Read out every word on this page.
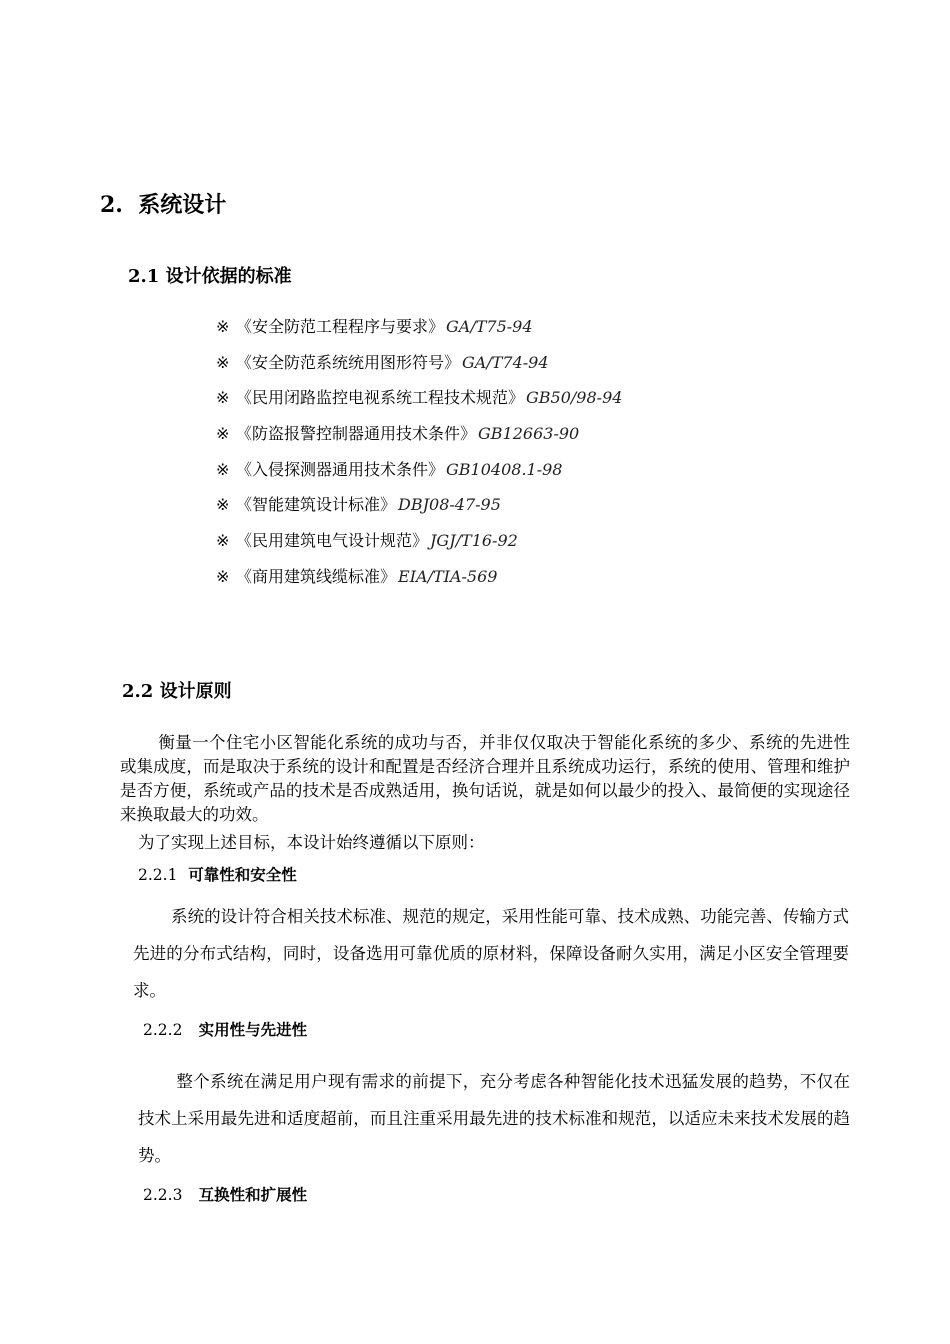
2. 系统设计
2.1 设计依据的标准
※ 《安全防范工程程序与要求》 GA/T75-94
※ 《安全防范系统统用图形符号》 GA/T74-94
※ 《民用闭路监控电视系统工程技术规范》 GB50/98-94
※ 《防盗报警控制器通用技术条件》 GB12663-90
※ 《入侵探测器通用技术条件》 GB10408.1-98
※ 《智能建筑设计标准》 DBJ08-47-95
※ 《民用建筑电气设计规范》 JGJ/T16-92
※ 《商用建筑线缆标准》 EIA/TIA-569
2.2 设计原则

衡量一个住宅小区智能化系统的成功与否，并非仅仅取决于智能化系统的多少、系统的先进性或集成度，而是取决于系统的设计和配置是否经济合理并且系统成功运行，系统的使用、管理和维护是否方便，系统或产品的技术是否成熟适用，换句话说，就是如何以最少的投入、最简便的实现途径来换取最大的功效。

为了实现上述目标，本设计始终遵循以下原则：

2.2.1 可靠性和安全性

系统的设计符合相关技术标准、规范的规定，采用性能可靠、技术成熟、功能完善、传输方式先进的分布式结构，同时，设备选用可靠优质的原材料，保障设备耐久实用，满足小区安全管理要求。

2.2.2 实用性与先进性

整个系统在满足用户现有需求的前提下，充分考虑各种智能化技术迅猛发展的趋势，不仅在技术上采用最先进和适度超前，而且注重采用最先进的技术标准和规范，以适应未来技术发展的趋势。

2.2.3 互换性和扩展性
